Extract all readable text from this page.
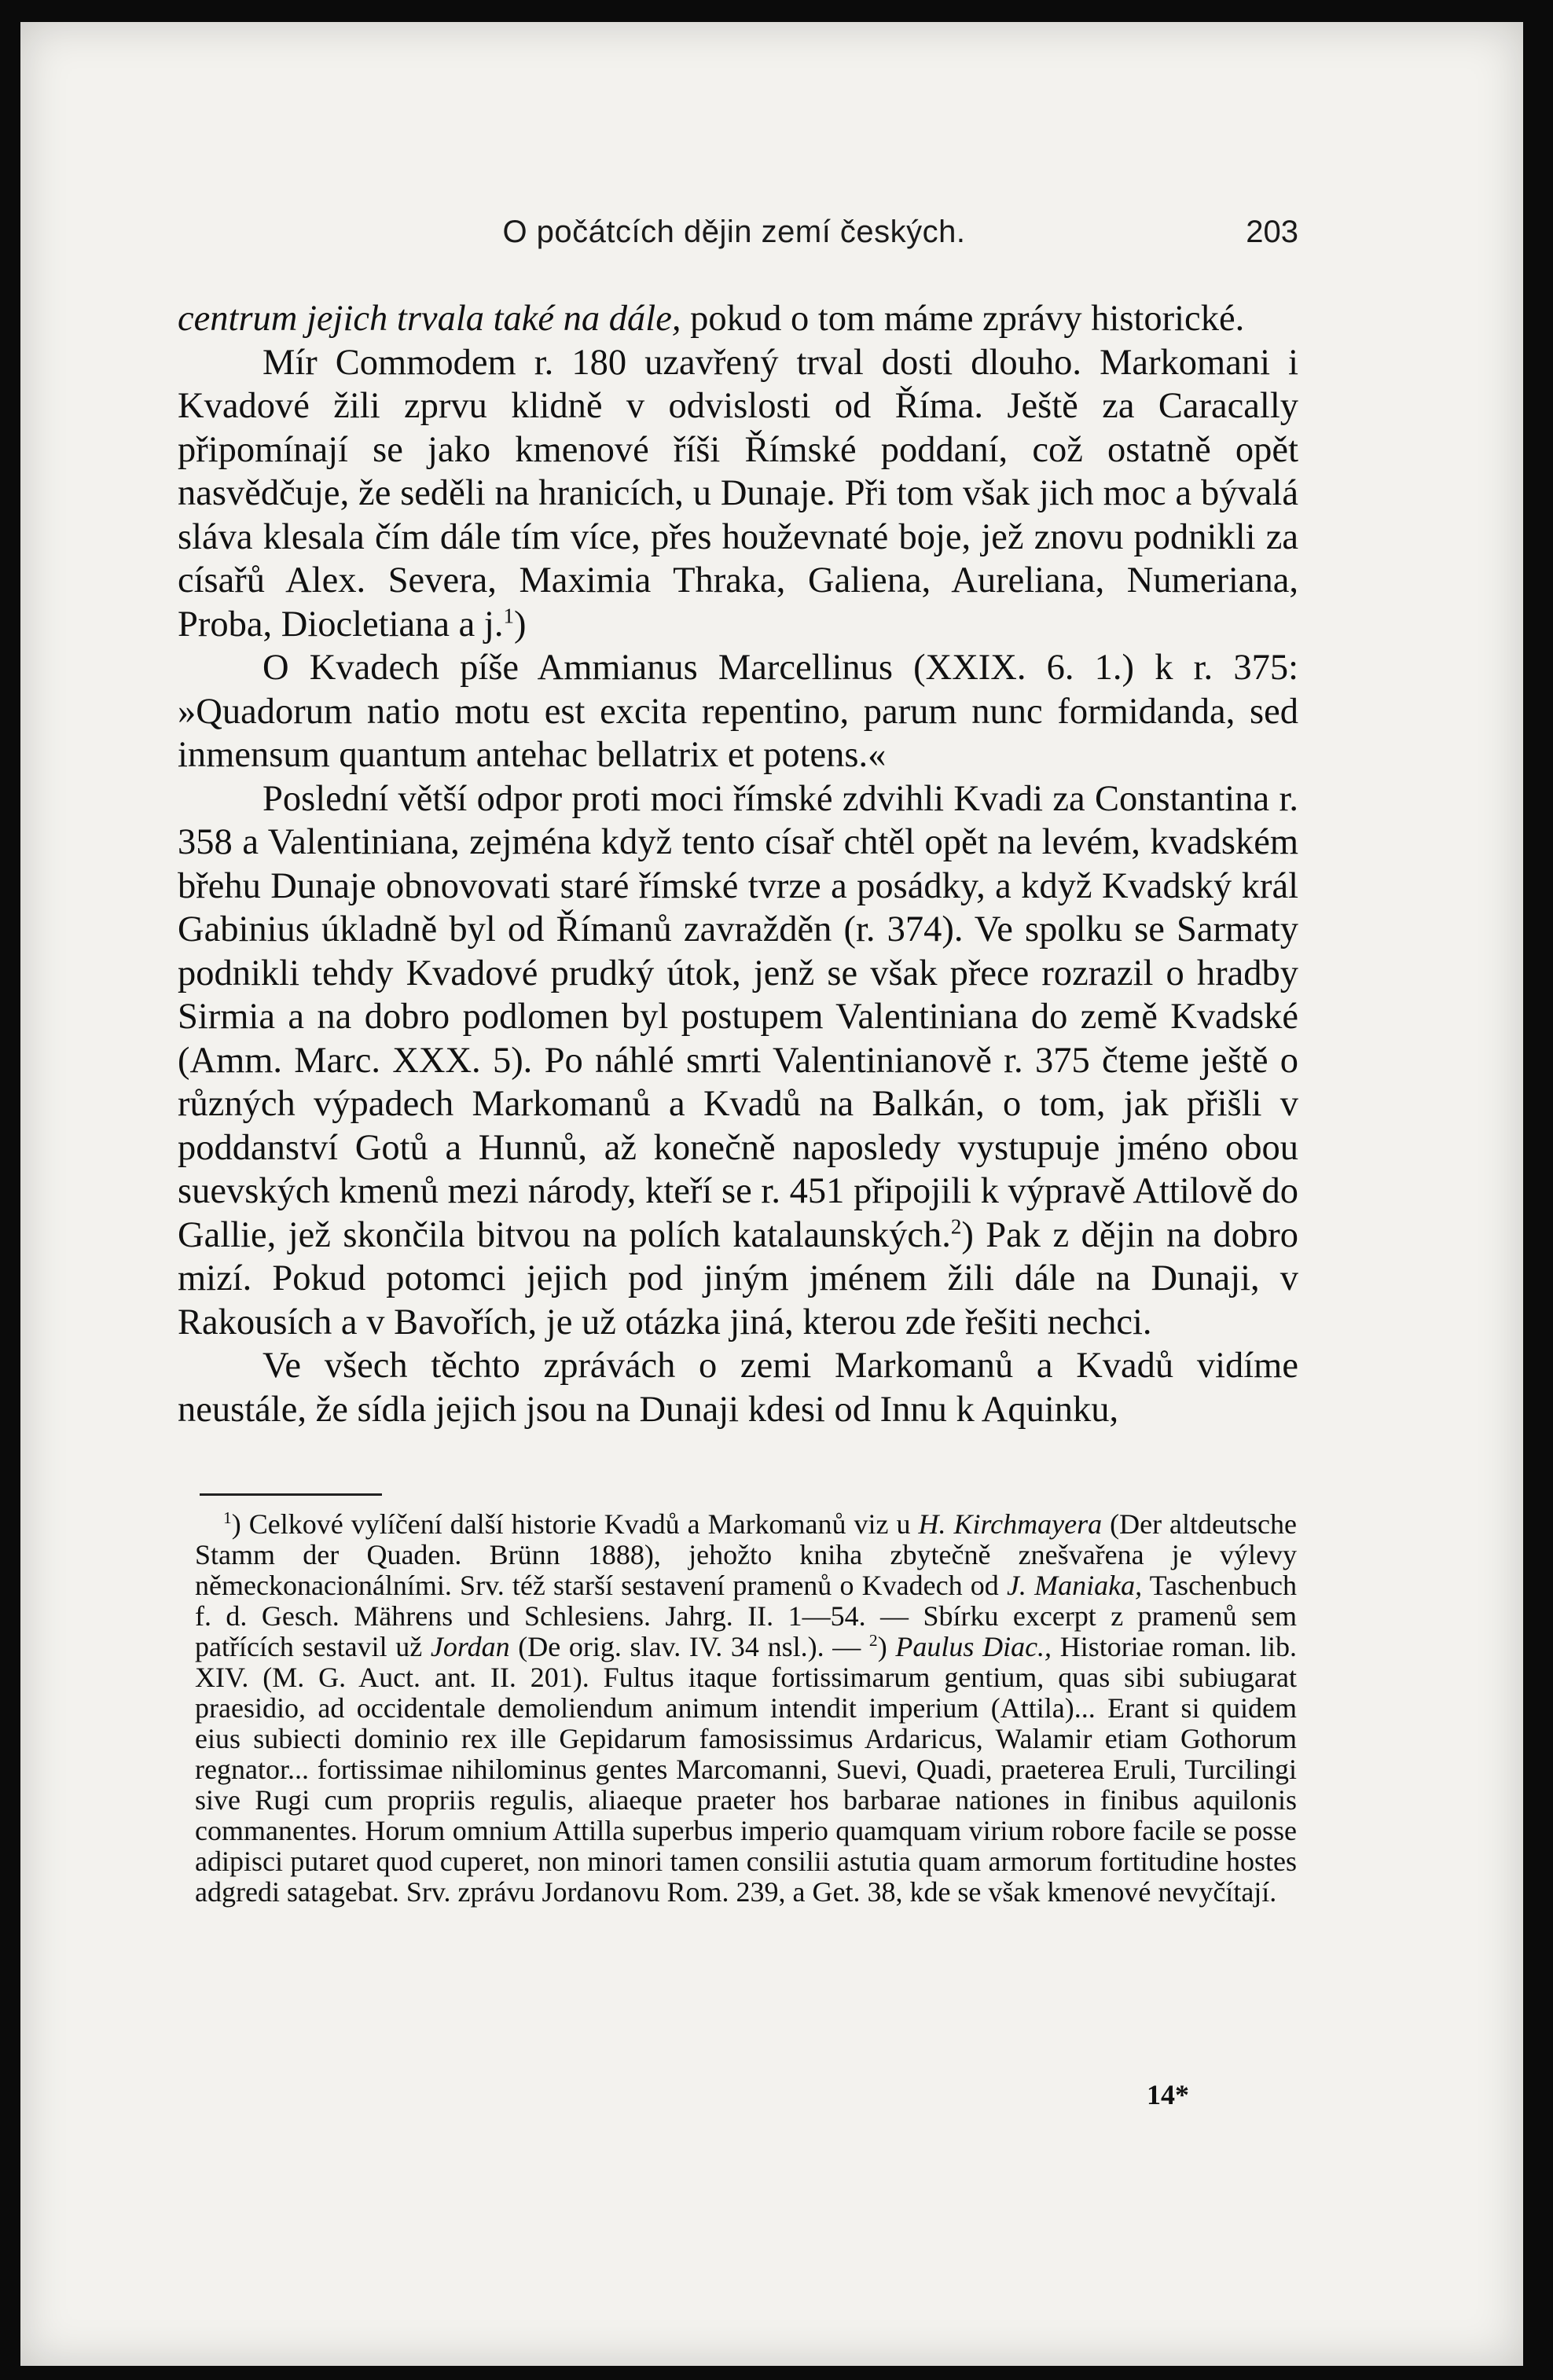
O počátcích dějin zemí českých.	203

centrum jejich trvala také na dále, pokud o tom máme zprávy historické.

Mír Commodem r. 180 uzavřený trval dosti dlouho. Markomani i Kvadové žili zprvu klidně v odvislosti od Říma. Ještě za Caracally připomínají se jako kmenové říši Římské poddaní, což ostatně opět nasvědčuje, že seděli na hranicích, u Dunaje. Při tom však jich moc a bývalá sláva klesala čím dále tím více, přes houževnaté boje, jež znovu podnikli za císařů Alex. Severa, Maximia Thraka, Galiena, Aureliana, Numeriana, Proba, Diocletiana a j.$^1$)

O Kvadech píše Ammianus Marcellinus (XXIX. 6. 1.) k r. 375: »Quadorum natio motu est excita repentino, parum nunc formidanda, sed inmensum quantum antehac bellatrix et potens.«

Poslední větší odpor proti moci římské zdvihli Kvadi za Constantina r. 358 a Valentiniana, zejména když tento císař chtěl opět na levém, kvadském břehu Dunaje obnovovati staré římské tvrze a posádky, a když Kvadský král Gabinius úkladně byl od Římanů zavražděn (r. 374). Ve spolku se Sarmaty podnikli tehdy Kvadové prudký útok, jenž se však přece rozrazil o hradby Sirmia a na dobro podlomen byl postupem Valentiniana do země Kvadské (Amm. Marc. XXX. 5). Po náhlé smrti Valentinianově r. 375 čteme ještě o různých výpadech Markomanů a Kvadů na Balkán, o tom, jak přišli v poddanství Gotů a Hunnů, až konečně naposledy vystupuje jméno obou suevských kmenů mezi národy, kteří se r. 451 připojili k výpravě Attilově do Gallie, jež skončila bitvou na polích katalaunských.$^2$) Pak z dějin na dobro mizí. Pokud potomci jejich pod jiným jménem žili dále na Dunaji, v Rakousích a v Bavořích, je už otázka jiná, kterou zde řešiti nechci.

Ve všech těchto zprávách o zemi Markomanů a Kvadů vidíme neustále, že sídla jejich jsou na Dunaji kdesi od Innu k Aquinku,

$^1$) Celkové vylíčení další historie Kvadů a Markomanů viz u H. Kirchmayera (Der altdeutsche Stamm der Quaden. Brünn 1888), jehožto kniha zbytečně znešvařena je výlevy německonacionálními. Srv. též starší sestavení pramenů o Kvadech od J. Maniaka, Taschenbuch f. d. Gesch. Mährens und Schlesiens. Jahrg. II. 1—54. — Sbírku excerpt z pramenů sem patřících sestavil už Jordan (De orig. slav. IV. 34 nsl.). — $^2$) Paulus Diac., Historiae roman. lib. XIV. (M. G. Auct. ant. II. 201). Fultus itaque fortissimarum gentium, quas sibi subiugarat praesidio, ad occidentale demoliendum animum intendit imperium (Attila)... Erant si quidem eius subiecti dominio rex ille Gepidarum famosissimus Ardaricus, Walamir etiam Gothorum regnator... fortissimae nihilominus gentes Marcomanni, Suevi, Quadi, praeterea Eruli, Turcilingi sive Rugi cum propriis regulis, aliaeque praeter hos barbarae nationes in finibus aquilonis commanentes. Horum omnium Attilla superbus imperio quamquam virium robore facile se posse adipisci putaret quod cuperet, non minori tamen consilii astutia quam armorum fortitudine hostes adgredi satagebat. Srv. zprávu Jordanovu Rom. 239, a Get. 38, kde se však kmenové nevyčítají.

14*
